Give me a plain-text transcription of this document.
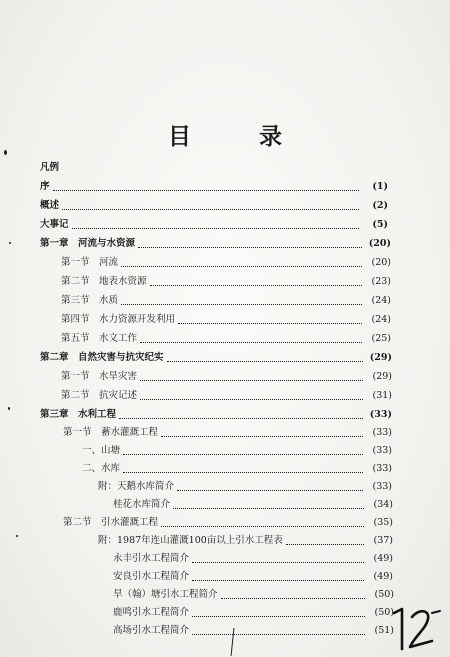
目 录
凡例
序	(1)
概述	(2)
大事记	(5)
第一章　河流与水资源	(20)
第一节　河流	(20)
第二节　地表水资源	(23)
第三节　水质	(24)
第四节　水力资源开发利用	(24)
第五节　水文工作	(25)
第二章　自然灾害与抗灾纪实	(29)
第一节　水旱灾害	(29)
第二节　抗灾记述	(31)
第三章　水利工程	(33)
第一节　蓄水灌溉工程	(33)
一、山塘	(33)
二、水库	(33)
附：天鹅水库简介	(33)
桂花水库简介	(34)
第二节　引水灌溉工程	(35)
附：1987年连山灌溉100亩以上引水工程表	(37)
永丰引水工程简介	(49)
安良引水工程简介	(49)
旱（翰）塘引水工程简介	(50)
鹿鸣引水工程简介	(50)
高场引水工程简介	(51)
